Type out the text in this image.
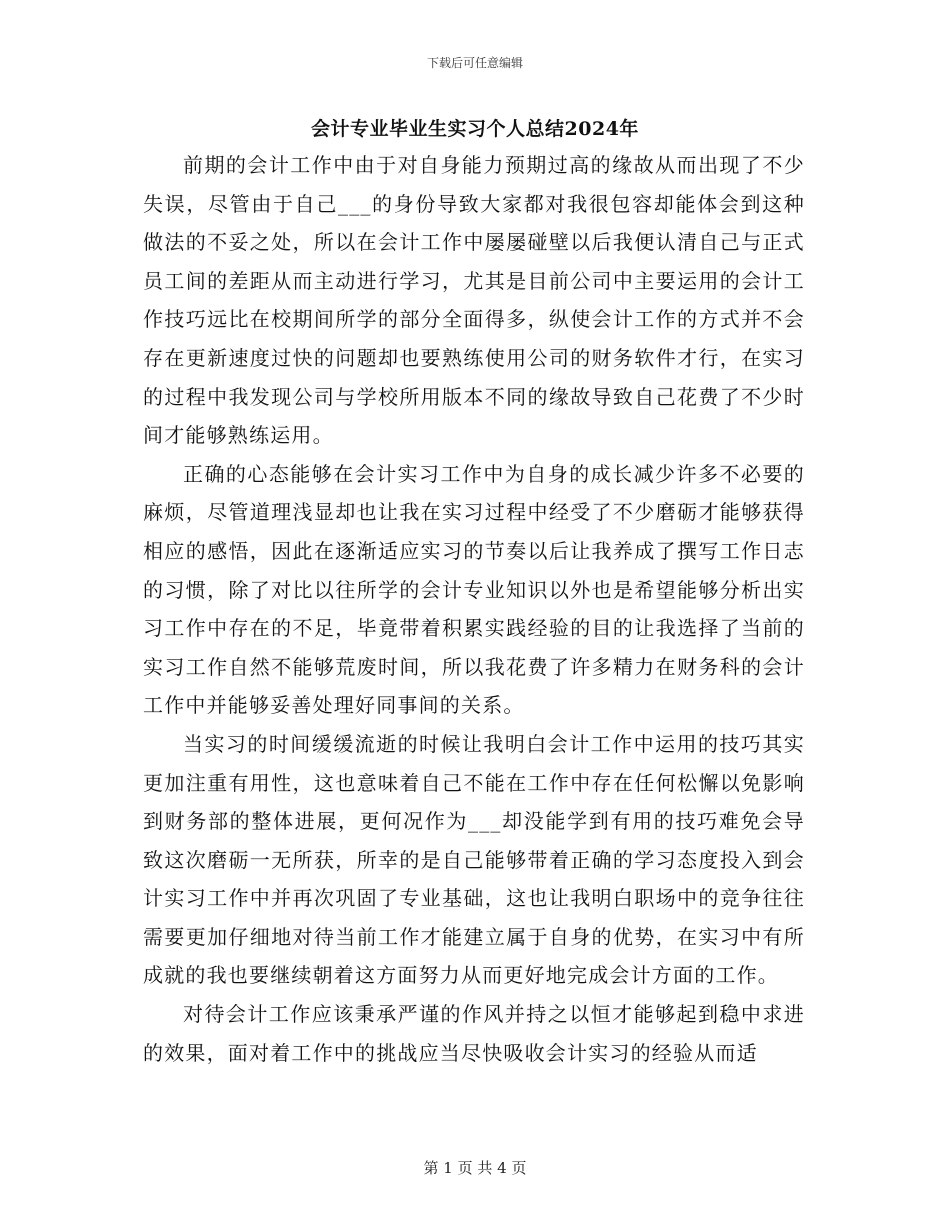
下载后可任意编辑
会计专业毕业生实习个人总结2024年

前期的会计工作中由于对自身能力预期过高的缘故从而出现了不少失误，尽管由于自己___的身份导致大家都对我很包容却能体会到这种做法的不妥之处，所以在会计工作中屡屡碰壁以后我便认清自己与正式员工间的差距从而主动进行学习，尤其是目前公司中主要运用的会计工作技巧远比在校期间所学的部分全面得多，纵使会计工作的方式并不会存在更新速度过快的问题却也要熟练使用公司的财务软件才行，在实习的过程中我发现公司与学校所用版本不同的缘故导致自己花费了不少时间才能够熟练运用。

正确的心态能够在会计实习工作中为自身的成长减少许多不必要的麻烦，尽管道理浅显却也让我在实习过程中经受了不少磨砺才能够获得相应的感悟，因此在逐渐适应实习的节奏以后让我养成了撰写工作日志的习惯，除了对比以往所学的会计专业知识以外也是希望能够分析出实习工作中存在的不足，毕竟带着积累实践经验的目的让我选择了当前的实习工作自然不能够荒废时间，所以我花费了许多精力在财务科的会计工作中并能够妥善处理好同事间的关系。

当实习的时间缓缓流逝的时候让我明白会计工作中运用的技巧其实更加注重有用性，这也意味着自己不能在工作中存在任何松懈以免影响到财务部的整体进展，更何况作为___却没能学到有用的技巧难免会导致这次磨砺一无所获，所幸的是自己能够带着正确的学习态度投入到会计实习工作中并再次巩固了专业基础，这也让我明白职场中的竞争往往需要更加仔细地对待当前工作才能建立属于自身的优势，在实习中有所成就的我也要继续朝着这方面努力从而更好地完成会计方面的工作。

对待会计工作应该秉承严谨的作风并持之以恒才能够起到稳中求进的效果，面对着工作中的挑战应当尽快吸收会计实习的经验从而适

第 1 页 共 4 页
